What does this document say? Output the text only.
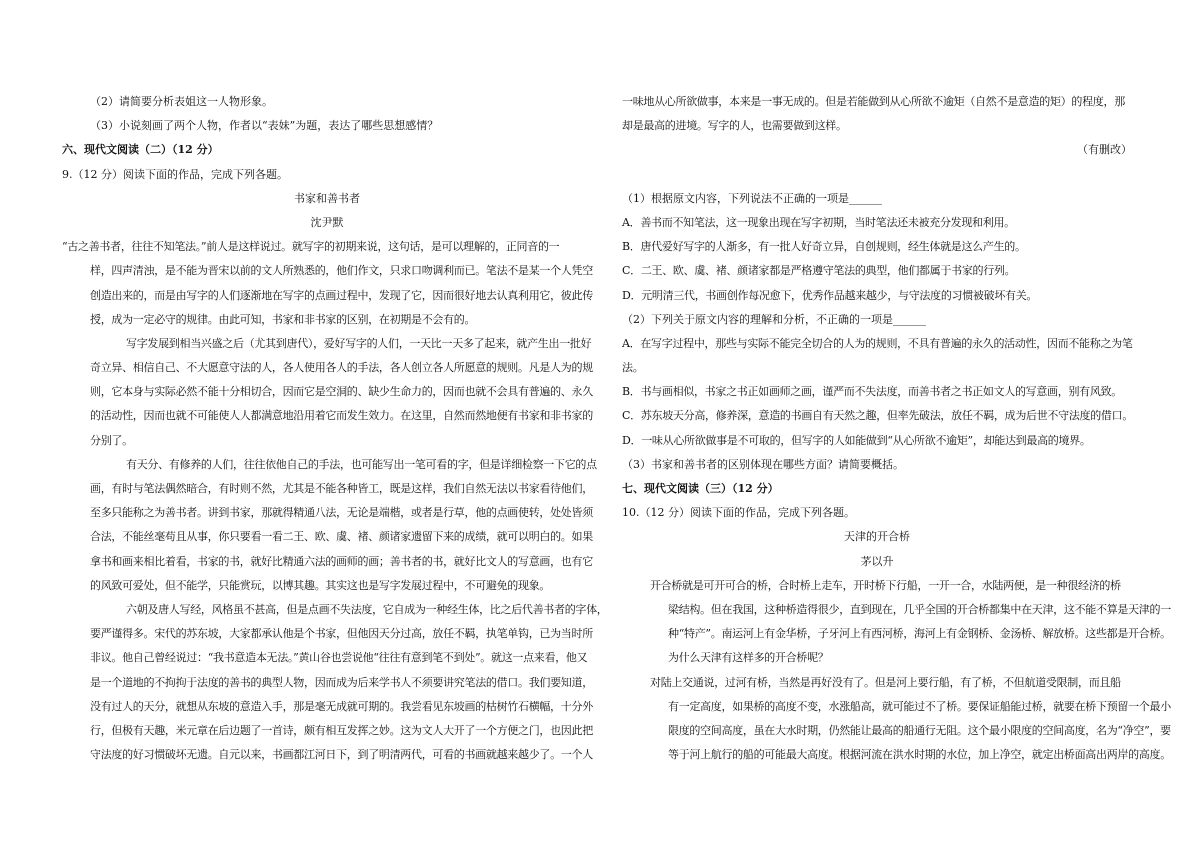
（2）请简要分析表姐这一人物形象。
（3）小说刻画了两个人物，作者以“表妹”为题，表达了哪些思想感情？
六、现代文阅读（二）（12 分）
9.（12 分）阅读下面的作品，完成下列各题。
书家和善书者
沈尹默
“古之善书者，往往不知笔法。”前人是这样说过。就写字的初期来说，这句话，是可以理解的，正同音的一
样，四声清浊，是不能为晋宋以前的文人所熟悉的，他们作文，只求口吻调利而已。笔法不是某一个人凭空
创造出来的，而是由写字的人们逐渐地在写字的点画过程中，发现了它，因而很好地去认真利用它，彼此传
授，成为一定必守的规律。由此可知，书家和非书家的区别，在初期是不会有的。
写字发展到相当兴盛之后（尤其到唐代），爱好写字的人们，一天比一天多了起来，就产生出一批好
奇立异、相信自己、不大愿意守法的人，各人使用各人的手法，各人创立各人所愿意的规则。凡是人为的规
则，它本身与实际必然不能十分相切合，因而它是空洞的、缺少生命力的，因而也就不会具有普遍的、永久
的活动性，因而也就不可能使人人都满意地沿用着它而发生效力。在这里，自然而然地便有书家和非书家的
分别了。
有天分、有修养的人们，往往依他自己的手法，也可能写出一笔可看的字，但是详细检察一下它的点
画，有时与笔法偶然暗合，有时则不然，尤其是不能各种皆工，既是这样，我们自然无法以书家看待他们，
至多只能称之为善书者。讲到书家，那就得精通八法，无论是端楷，或者是行草，他的点画使转，处处皆须
合法，不能丝毫苟且从事，你只要看一看二王、欧、虞、褚、颜诸家遗留下来的成绩，就可以明白的。如果
拿书和画来相比着看，书家的书，就好比精通六法的画师的画；善书者的书，就好比文人的写意画，也有它
的风致可爱处，但不能学，只能赏玩，以博其趣。其实这也是写字发展过程中，不可避免的现象。
六朝及唐人写经，风格虽不甚高，但是点画不失法度，它自成为一种经生体，比之后代善书者的字体，
要严谨得多。宋代的苏东坡，大家都承认他是个书家，但他因天分过高，放任不羁，执笔单钩，已为当时所
非议。他自己曾经说过：“我书意造本无法。”黄山谷也尝说他“往往有意到笔不到处”。就这一点来看，他又
是一个道地的不拘拘于法度的善书的典型人物，因而成为后来学书人不须要讲究笔法的借口。我们要知道，
没有过人的天分，就想从东坡的意造入手，那是毫无成就可期的。我尝看见东坡画的枯树竹石横幅，十分外
行，但极有天趣，米元章在后边题了一首诗，颇有相互发挥之妙。这为文人大开了一个方便之门，也因此把
守法度的好习惯破坏无遗。自元以来，书画都江河日下，到了明清两代，可看的书画就越来越少了。一个人
一味地从心所欲做事，本来是一事无成的。但是若能做到从心所欲不逾矩（自然不是意造的矩）的程度，那
却是最高的进境。写字的人，也需要做到这样。
（有删改）
（1）根据原文内容，下列说法不正确的一项是______
A．善书而不知笔法，这一现象出现在写字初期，当时笔法还未被充分发现和利用。
B．唐代爱好写字的人渐多，有一批人好奇立异，自创规则，经生体就是这么产生的。
C．二王、欧、虞、褚、颜诸家都是严格遵守笔法的典型，他们都属于书家的行列。
D．元明清三代，书画创作每况愈下，优秀作品越来越少，与守法度的习惯被破坏有关。
（2）下列关于原文内容的理解和分析，不正确的一项是______
A．在写字过程中，那些与实际不能完全切合的人为的规则，不具有普遍的永久的活动性，因而不能称之为笔
法。
B．书与画相似，书家之书正如画师之画，谨严而不失法度，而善书者之书正如文人的写意画，别有风致。
C．苏东坡天分高，修养深，意造的书画自有天然之趣，但率先破法，放任不羁，成为后世不守法度的借口。
D．一味从心所欲做事是不可取的，但写字的人如能做到“从心所欲不逾矩”，却能达到最高的境界。
（3）书家和善书者的区别体现在哪些方面？请简要概括。
七、现代文阅读（三）（12 分）
10.（12 分）阅读下面的作品，完成下列各题。
天津的开合桥
茅以升
开合桥就是可开可合的桥，合时桥上走车，开时桥下行船，一开一合，水陆两便，是一种很经济的桥
梁结构。但在我国，这种桥造得很少，直到现在，几乎全国的开合桥都集中在天津，这不能不算是天津的一
种“特产”。南运河上有金华桥，子牙河上有西河桥，海河上有金钢桥、金汤桥、解放桥。这些都是开合桥。
为什么天津有这样多的开合桥呢？
对陆上交通说，过河有桥，当然是再好没有了。但是河上要行船，有了桥，不但航道受限制，而且船
有一定高度，如果桥的高度不变，水涨船高，就可能过不了桥。要保证船能过桥，就要在桥下预留一个最小
限度的空间高度，虽在大水时期，仍然能让最高的船通行无阻。这个最小限度的空间高度，名为“净空”，要
等于河上航行的船的可能最大高度。根据河流在洪水时期的水位，加上净空，就定出桥面高出两岸的高度。
